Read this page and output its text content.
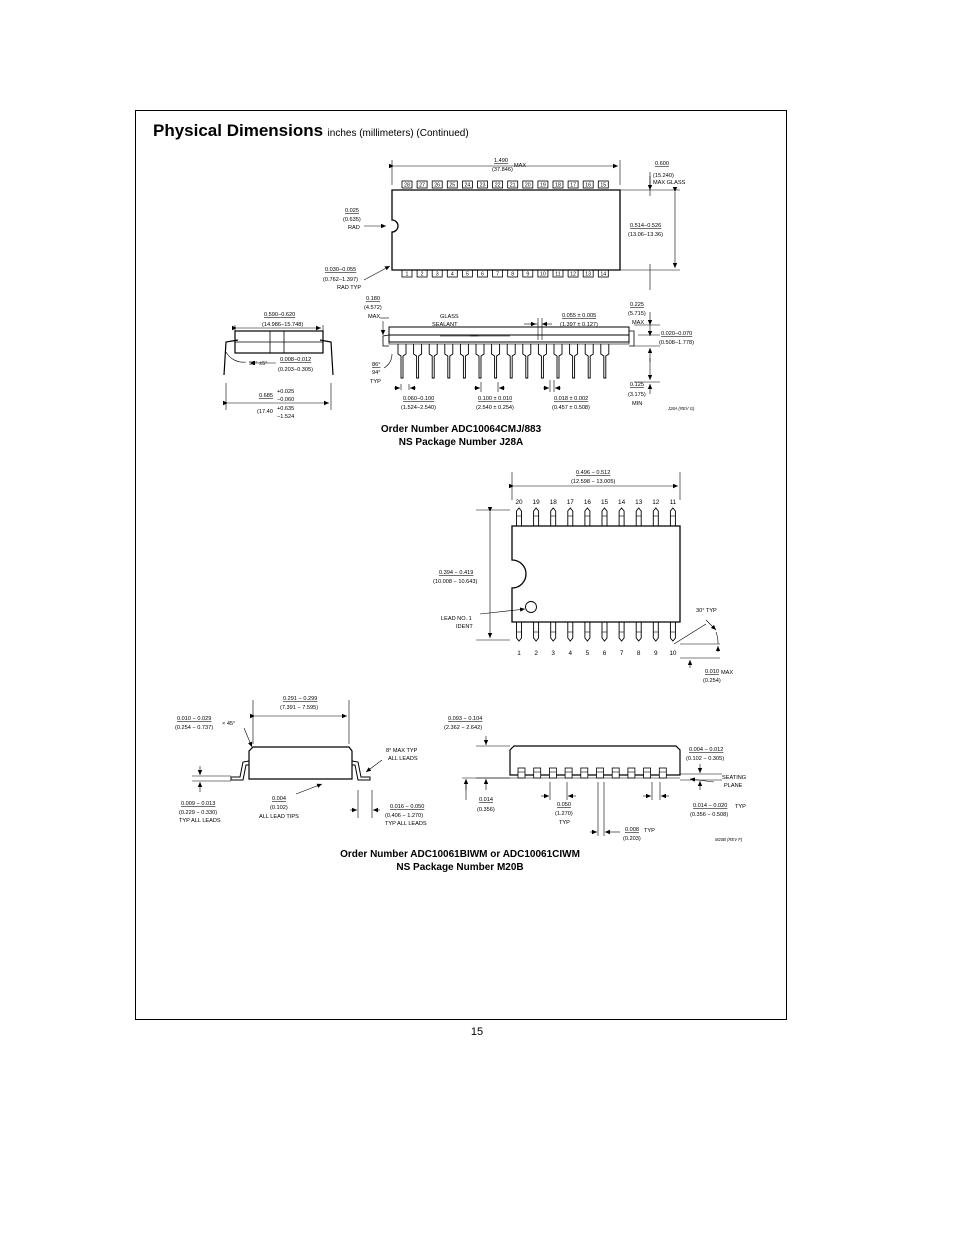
Physical Dimensions inches (millimeters) (Continued)
28 27 26 25 24 23 22 21 20 19 18 17 16 15
1 2 3 4 5 6 7 8 9 10 11 12 13 14
1.490
(37.846)
MAX	0.600
(15.240)
MAX GLASS
0.025
(0.635)
RAD
0.030−0.055
(0.762−1.397)
RAD TYP
0.514−0.526
(13.06−13.36)
0.590−0.620
(14.986−15.748)
95° ±5°
0.008−0.012
(0.203−0.305)
0.685
+0.025
−0.060
(17.40 +0.635
−1.524
0.180
(4.572)
MAX	GLASS
SEALANT
0.055 ± 0.005
(1.397 ± 0.127)
0.225
(5.715)
MAX
0.020−0.070
(0.508−1.778)
86°
94°
TYP
0.060−0.100
(1.524−2.540)
0.100 ± 0.010
(2.540 ± 0.254)
0.018 ± 0.002
(0.457 ± 0.508)
0.125
(3.175)
MIN
J28A (REV G)
20 19 18 17 16 15 14 13 12 11
1 2 3 4 5 6 7 8 9 10
0.496 − 0.512
(12.598 − 13.005)
0.394 − 0.419
(10.008 − 10.643)
LEAD NO. 1
IDENT
30° TYP
0.010
(0.254)
MAX
0.291 − 0.299
(7.391 − 7.595)
0.010 − 0.029
(0.254 − 0.737)
× 45°
8° MAX TYP
ALL LEADS
0.009 − 0.013
(0.229 − 0.330)
TYP ALL LEADS
0.004
(0.102)
ALL LEAD TIPS
0.016 − 0.050
(0.406 − 1.270)
TYP ALL LEADS
0.093 − 0.104
(2.362 − 2.642)
0.004 − 0.012
(0.102 − 0.305)
SEATING
PLANE
0.014
(0.356)
0.050
(1.270)
TYP
0.014 − 0.020
(0.356 − 0.508)
TYP
0.008
(0.203)
TYP
M20B (REV F)
Order Number ADC10064CMJ/883
NS Package Number J28A
Order Number ADC10061BIWM or ADC10061CIWM
NS Package Number M20B
15
